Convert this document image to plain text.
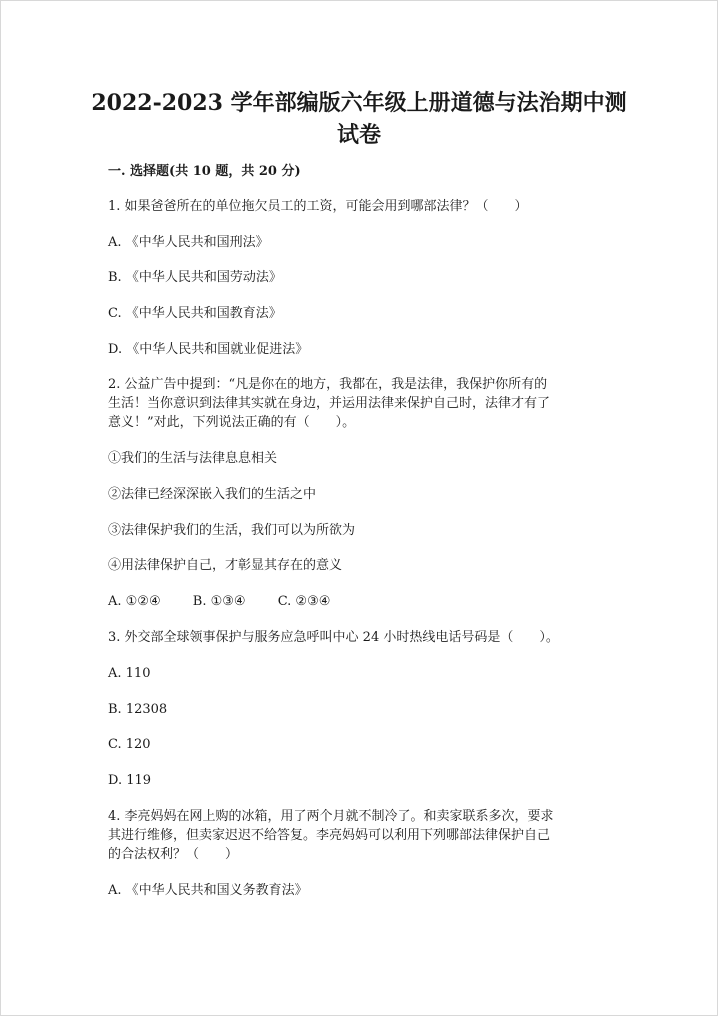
2022-2023 学年部编版六年级上册道德与法治期中测
试卷
一. 选择题(共 10 题，共 20 分)
1. 如果爸爸所在的单位拖欠员工的工资，可能会用到哪部法律？（　　）
A. 《中华人民共和国刑法》
B. 《中华人民共和国劳动法》
C. 《中华人民共和国教育法》
D. 《中华人民共和国就业促进法》
2. 公益广告中提到：“凡是你在的地方，我都在，我是法律，我保护你所有的
生活！当你意识到法律其实就在身边，并运用法律来保护自己时，法律才有了
意义！”对此，下列说法正确的有（　　）。
①我们的生活与法律息息相关
②法律已经深深嵌入我们的生活之中
③法律保护我们的生活，我们可以为所欲为
④用法律保护自己，才彰显其存在的意义
A. ①②④ B. ①③④ C. ②③④
3. 外交部全球领事保护与服务应急呼叫中心 24 小时热线电话号码是（　　）。
A. 110
B. 12308
C. 120
D. 119
4. 李亮妈妈在网上购的冰箱，用了两个月就不制冷了。和卖家联系多次，要求
其进行维修，但卖家迟迟不给答复。李亮妈妈可以利用下列哪部法律保护自己
的合法权利？（　　）
A. 《中华人民共和国义务教育法》
